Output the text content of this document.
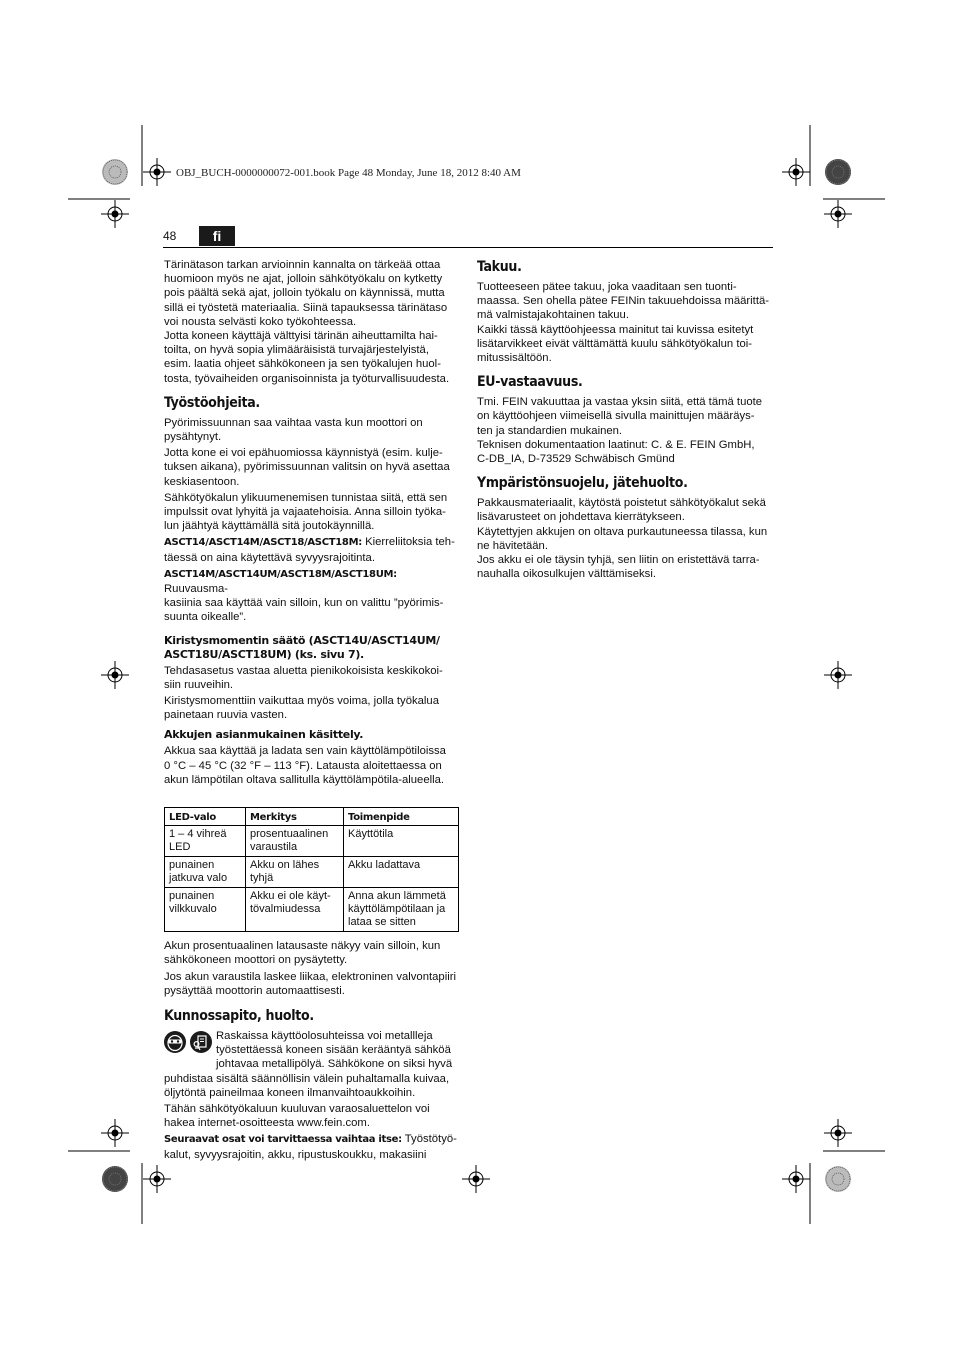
OBJ_BUCH-0000000072-001.book Page 48 Monday, June 18, 2012 8:40 AM
48	fi

Tärinätason tarkan arvioinnin kannalta on tärkeää ottaa
huomioon myös ne ajat, jolloin sähkötyökalu on kytketty
pois päältä sekä ajat, jolloin työkalu on käynnissä, mutta
sillä ei työstetä materiaalia. Siinä tapauksessa tärinätaso
voi nousta selvästi koko työkohteessa.

Jotta koneen käyttäjä välttyisi tärinän aiheuttamilta hai-
toilta, on hyvä sopia ylimääräisistä turvajärjestelyistä,
esim. laatia ohjeet sähkökoneen ja sen työkalujen huol-
tosta, työvaiheiden organisoinnista ja työturvallisuudesta.

Työstöohjeita.

Pyörimissuunnan saa vaihtaa vasta kun moottori on
pysähtynyt.

Jotta kone ei voi epähuomiossa käynnistyä (esim. kulje-
tuksen aikana), pyörimissuunnan valitsin on hyvä asettaa
keskiasentoon.

Sähkötyökalun ylikuumenemisen tunnistaa siitä, että sen
impulssit ovat lyhyitä ja vajaatehoisia. Anna silloin työka-
lun jäähtyä käyttämällä sitä joutokäynnillä.

ASCT14/ASCT14M/ASCT18/ASCT18M: Kierreliitoksia teh-
täessä on aina käytettävä syvyysrajoitinta.

ASCT14M/ASCT14UM/ASCT18M/ASCT18UM: Ruuvausma-
kasiinia saa käyttää vain silloin, kun on valittu ”pyörimis-
suunta oikealle”.

Kiristysmomentin säätö (ASCT14U/ASCT14UM/
ASCT18U/ASCT18UM) (ks. sivu 7).

Tehdasasetus vastaa aluetta pienikokoisista keskikokoi-
siin ruuveihin.

Kiristysmomenttiin vaikuttaa myös voima, jolla työkalua
painetaan ruuvia vasten.

Akkujen asianmukainen käsittely.

Akkua saa käyttää ja ladata sen vain käyttölämpötiloissa
0 °C – 45 °C (32 °F – 113 °F). Latausta aloitettaessa on
akun lämpötilan oltava sallitulla käyttölämpötila-alueella.

LED-valo	Merkitys	Toimenpide
1 – 4 vihreä
LED	prosentuaalinen
varaustila	Käyttötila
punainen
jatkuva valo	Akku on lähes
tyhjä	Akku ladattava
punainen
vilkkuvalo	Akku ei ole käyt-
tövalmiudessa	Anna akun lämmetä
käyttölämpötilaan ja
lataa se sitten

Akun prosentuaalinen latausaste näkyy vain silloin, kun
sähkökoneen moottori on pysäytetty.

Jos akun varaustila laskee liikaa, elektroninen valvontapiiri
pysäyttää moottorin automaattisesti.

Kunnossapito, huolto.

Raskaissa käyttöolosuhteissa voi metallleja
työstettäessä koneen sisään kerääntyä sähköä
johtavaa metallipölyä. Sähkökone on siksi hyvä

puhdistaa sisältä säännöllisin välein puhaltamalla kuivaa,
öljytöntä paineilmaa koneen ilmanvaihtoaukkoihin.

Tähän sähkötyökaluun kuuluvan varaosaluettelon voi
hakea internet-osoitteesta www.fein.com.

Seuraavat osat voi tarvittaessa vaihtaa itse: Työstötyö-
kalut, syvyysrajoitin, akku, ripustuskoukku, makasiini

Takuu.

Tuotteeseen pätee takuu, joka vaaditaan sen tuonti-
maassa. Sen ohella pätee FEINin takuuehdoissa määrittä-
mä valmistajakohtainen takuu.

Kaikki tässä käyttöohjeessa mainitut tai kuvissa esitetyt
lisätarvikkeet eivät välttämättä kuulu sähkötyökalun toi-
mitussisältöön.

EU-vastaavuus.

Tmi. FEIN vakuuttaa ja vastaa yksin siitä, että tämä tuote
on käyttöohjeen viimeisellä sivulla mainittujen määräys-
ten ja standardien mukainen.

Teknisen dokumentaation laatinut: C. & E. FEIN GmbH,
C-DB_IA, D-73529 Schwäbisch Gmünd

Ympäristönsuojelu, jätehuolto.

Pakkausmateriaalit, käytöstä poistetut sähkötyökalut sekä
lisävarusteet on johdettava kierrätykseen.

Käytettyjen akkujen on oltava purkautuneessa tilassa, kun
ne hävitetään.

Jos akku ei ole täysin tyhjä, sen liitin on eristettävä tarra-
nauhalla oikosulkujen välttämiseksi.
